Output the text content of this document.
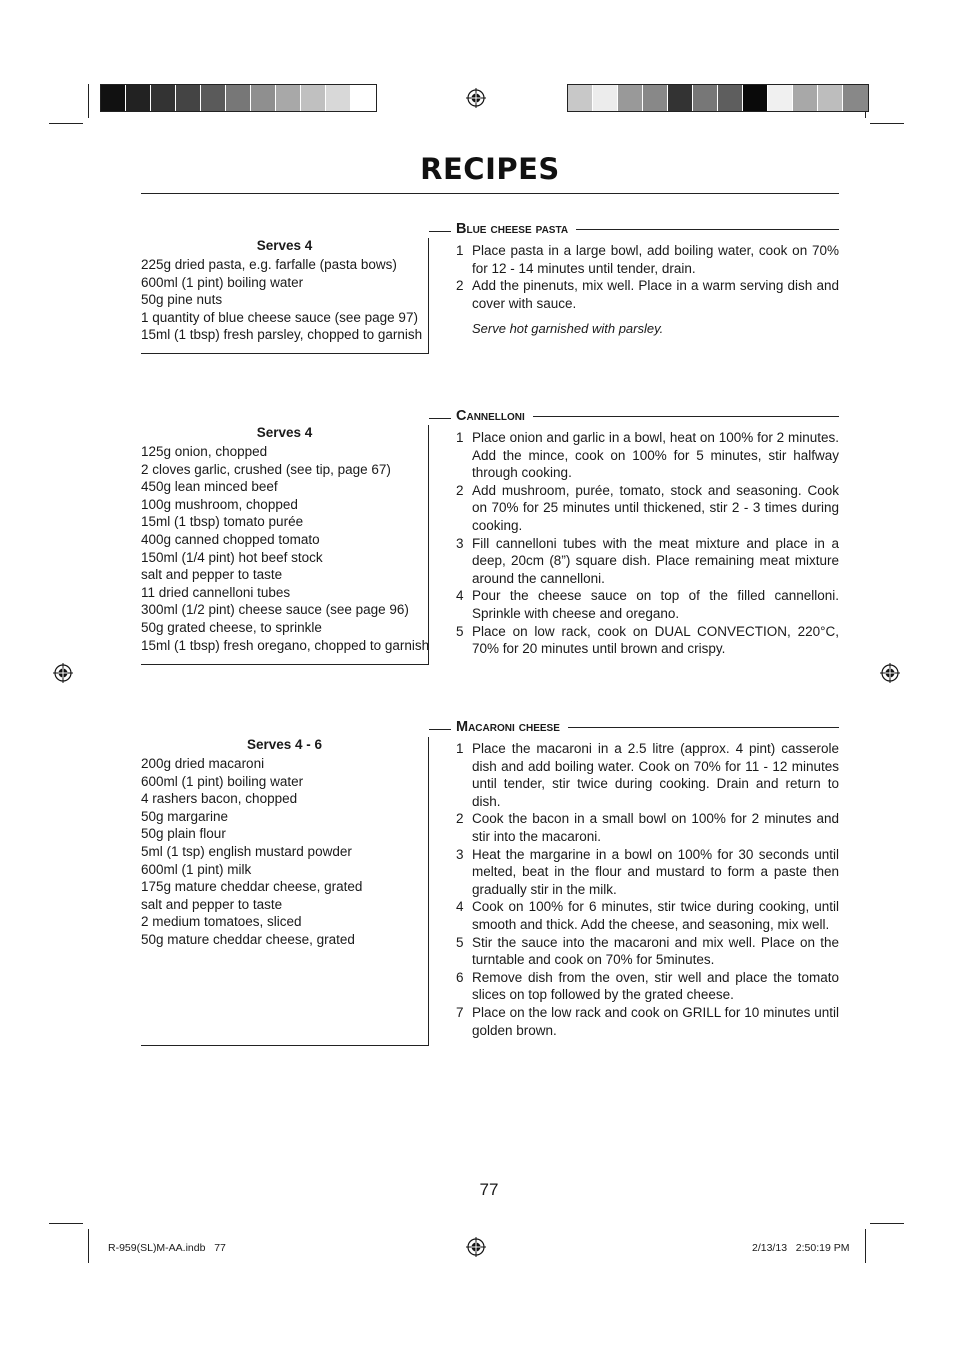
RECIPES
Serves 4
225g dried pasta, e.g. farfalle (pasta bows)
600ml (1 pint) boiling water
50g pine nuts
1 quantity of blue cheese sauce (see page 97)
15ml (1 tbsp) fresh parsley, chopped to garnish
Blue cheese pasta
1 Place pasta in a large bowl, add boiling water, cook on 70% for 12 - 14 minutes until tender, drain.
2 Add the pinenuts, mix well. Place in a warm serving dish and cover with sauce.
Serve hot garnished with parsley.
Serves 4
125g onion, chopped
2 cloves garlic, crushed (see tip, page 67)
450g lean minced beef
100g mushroom, chopped
15ml (1 tbsp) tomato purée
400g canned chopped tomato
150ml (1/4 pint) hot beef stock
salt and pepper to taste
11 dried cannelloni tubes
300ml (1/2 pint) cheese sauce (see page 96)
50g grated cheese, to sprinkle
15ml (1 tbsp) fresh oregano, chopped to garnish
Cannelloni
1 Place onion and garlic in a bowl, heat on 100% for 2 minutes. Add the mince, cook on 100% for 5 minutes, stir halfway through cooking.
2 Add mushroom, purée, tomato, stock and seasoning. Cook on 70% for 25 minutes until thickened, stir 2 - 3 times during cooking.
3 Fill cannelloni tubes with the meat mixture and place in a deep, 20cm (8”) square dish. Place remaining meat mixture around the cannelloni.
4 Pour the cheese sauce on top of the filled cannelloni. Sprinkle with cheese and oregano.
5 Place on low rack, cook on DUAL CONVECTION, 220°C, 70% for 20 minutes until brown and crispy.
Serves 4 - 6
200g dried macaroni
600ml (1 pint) boiling water
4 rashers bacon, chopped
50g margarine
50g plain flour
5ml (1 tsp) english mustard powder
600ml (1 pint) milk
175g mature cheddar cheese, grated
salt and pepper to taste
2 medium tomatoes, sliced
50g mature cheddar cheese, grated
Macaroni cheese
1 Place the macaroni in a 2.5 litre (approx. 4 pint) casserole dish and add boiling water. Cook on 70% for 11 - 12 minutes until tender, stir twice during cooking. Drain and return to dish.
2 Cook the bacon in a small bowl on 100% for 2 minutes and stir into the macaroni.
3 Heat the margarine in a bowl on 100% for 30 seconds until melted, beat in the flour and mustard to form a paste then gradually stir in the milk.
4 Cook on 100% for 6 minutes, stir twice during cooking, until smooth and thick. Add the cheese, and seasoning, mix well.
5 Stir the sauce into the macaroni and mix well. Place on the turntable and cook on 70% for 5minutes.
6 Remove dish from the oven, stir well and place the tomato slices on top followed by the grated cheese.
7 Place on the low rack and cook on GRILL for 10 minutes until golden brown.
77
R-959(SL)M-AA.indb   77	2/13/13   2:50:19 PM
